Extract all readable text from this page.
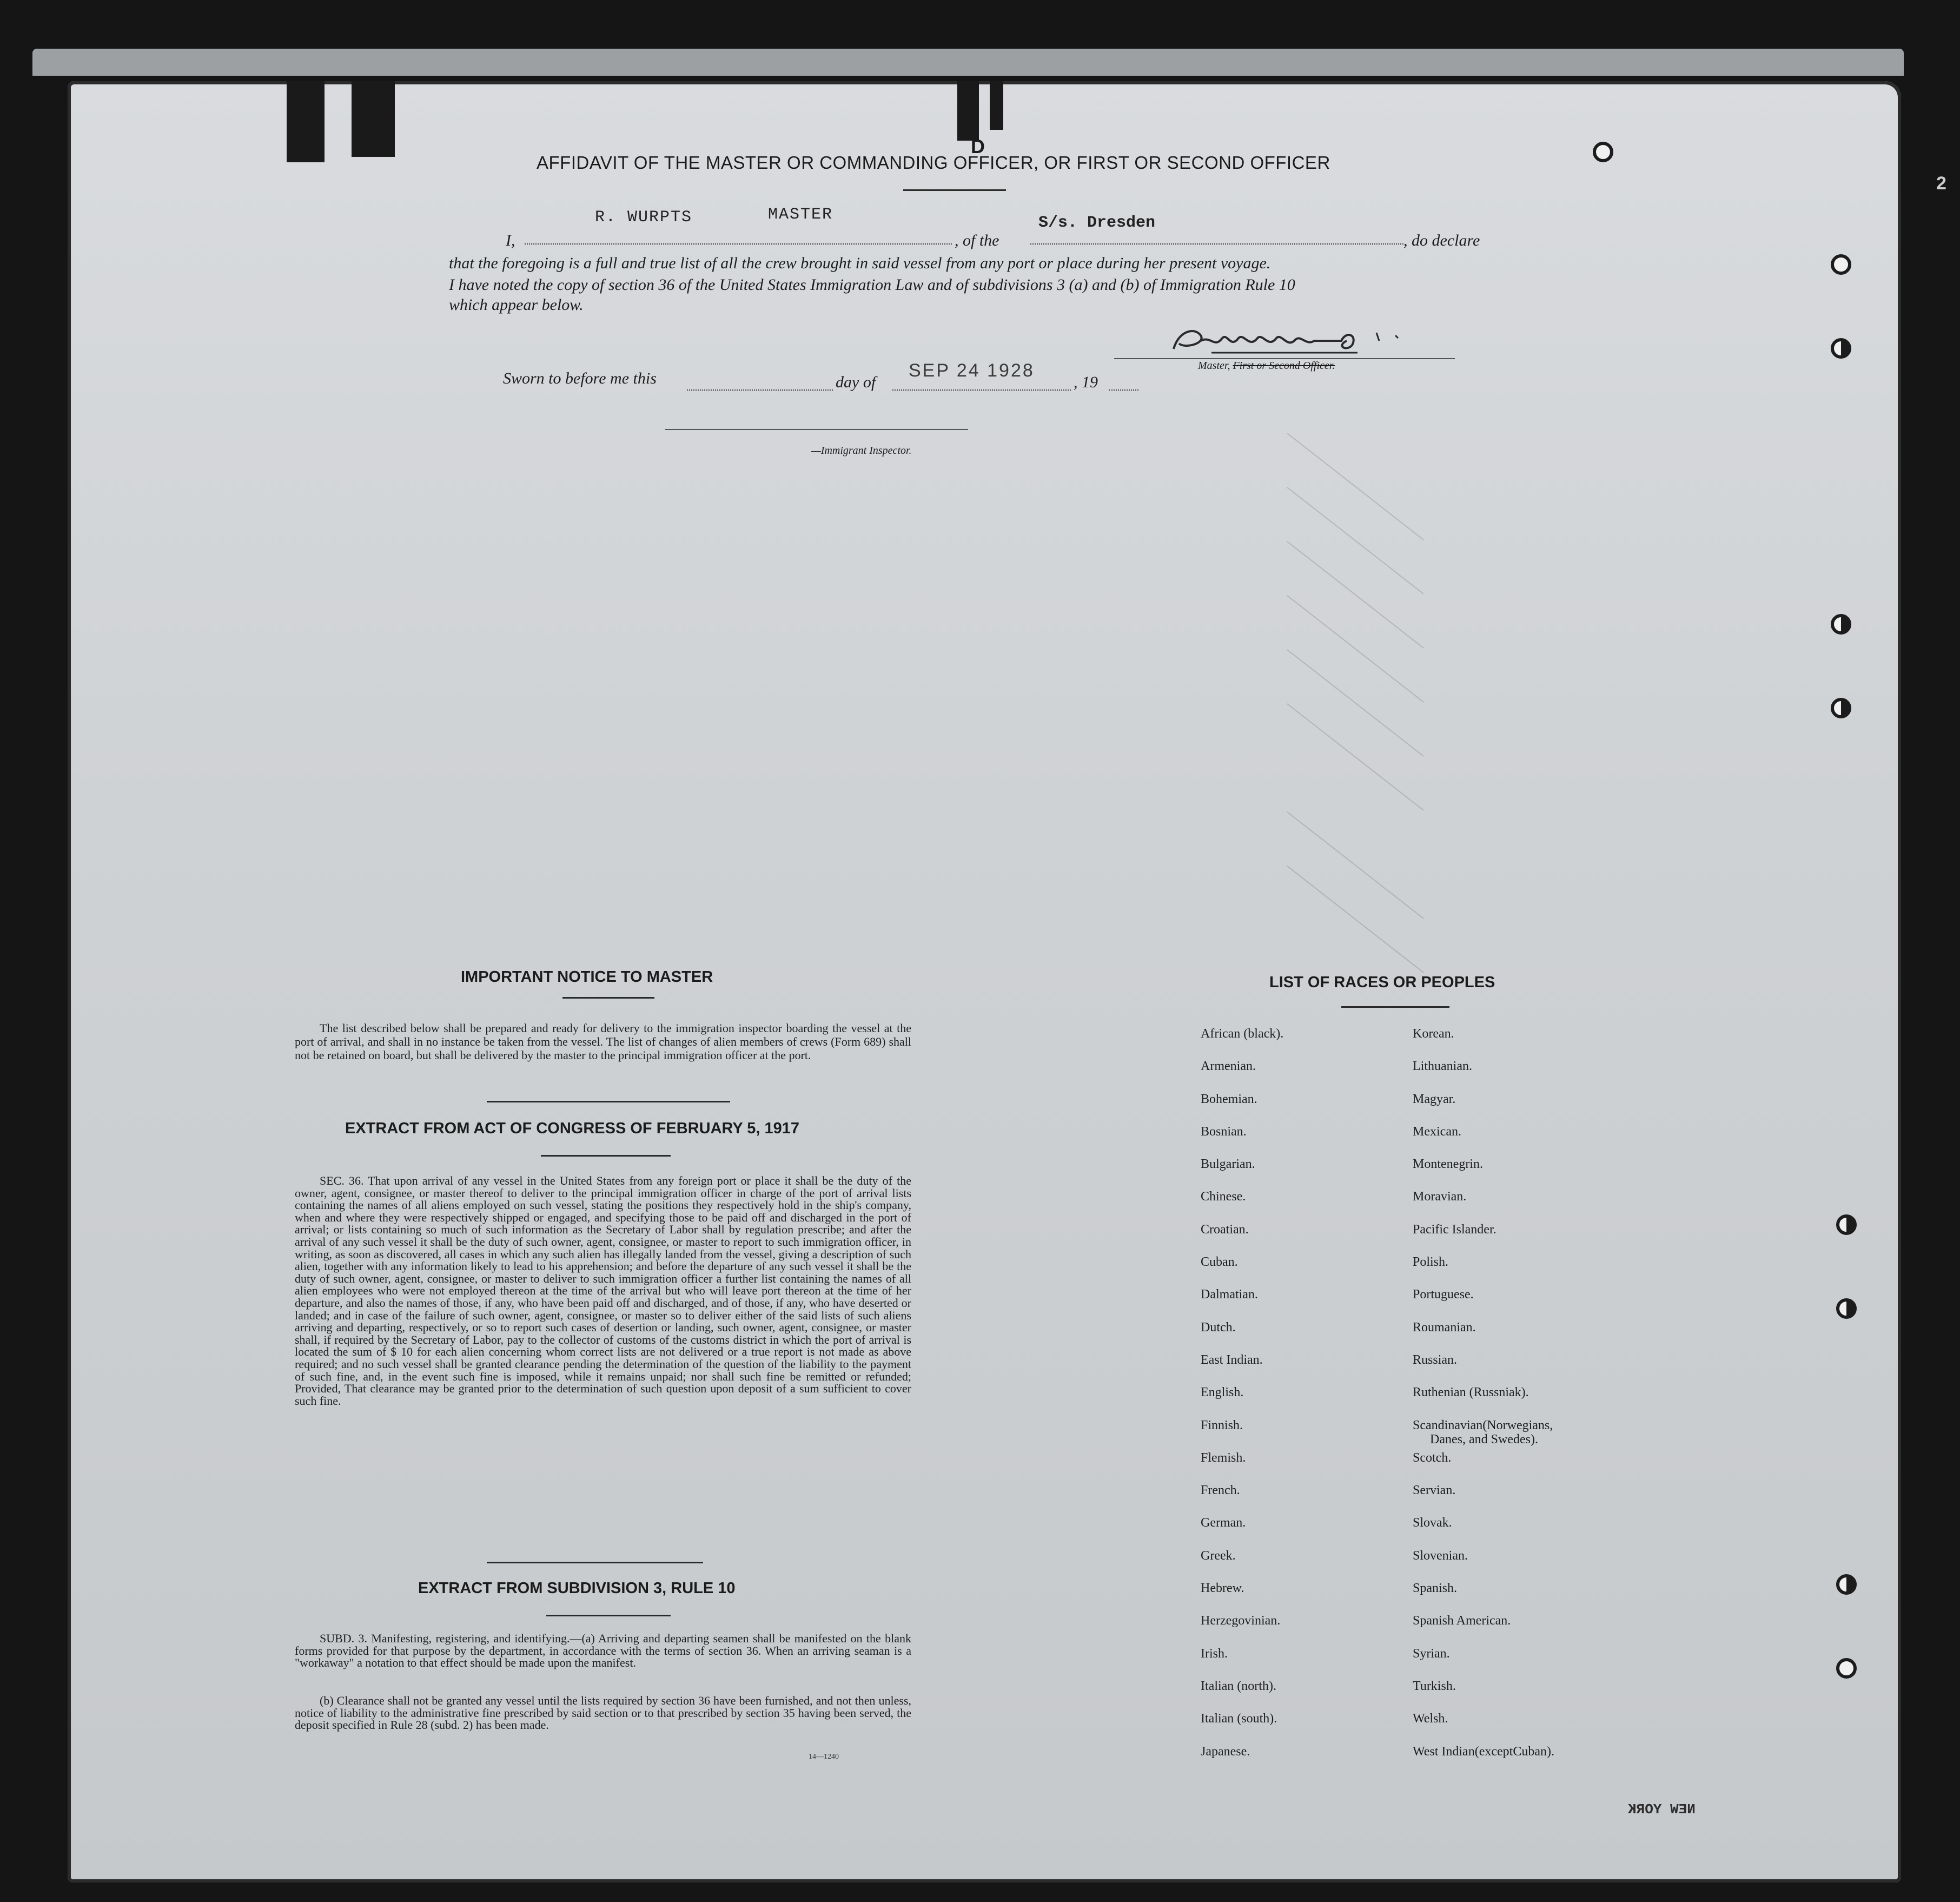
D
2
AFFIDAVIT OF THE MASTER OR COMMANDING OFFICER, OR FIRST OR SECOND OFFICER
I,
R. WURPTS	MASTER
, of the
S/s. Dresden
, do declare
that the foregoing is a full and true list of all the crew brought in said vessel from any port or place during her present voyage.
I have noted the copy of section 36 of the United States Immigration Law and of subdivisions 3 (a) and (b) of Immigration Rule 10
which appear below.
Master, First or Second Officer.
Sworn to before me this	day of
SEP 24 1928
, 19
—Immigrant Inspector.
IMPORTANT NOTICE TO MASTER
The list described below shall be prepared and ready for delivery to the immigration inspector boarding the vessel at the port of arrival, and shall in no instance be taken from the vessel. The list of changes of alien members of crews (Form 689) shall not be retained on board, but shall be delivered by the master to the principal immigration officer at the port.
EXTRACT FROM ACT OF CONGRESS OF FEBRUARY 5, 1917
SEC. 36. That upon arrival of any vessel in the United States from any foreign port or place it shall be the duty of the owner, agent, consignee, or master thereof to deliver to the principal immigration officer in charge of the port of arrival lists containing the names of all aliens employed on such vessel, stating the positions they respectively hold in the ship's company, when and where they were respectively shipped or engaged, and specifying those to be paid off and discharged in the port of arrival; or lists containing so much of such information as the Secretary of Labor shall by regulation prescribe; and after the arrival of any such vessel it shall be the duty of such owner, agent, consignee, or master to report to such immigration officer, in writing, as soon as discovered, all cases in which any such alien has illegally landed from the vessel, giving a description of such alien, together with any information likely to lead to his apprehension; and before the departure of any such vessel it shall be the duty of such owner, agent, consignee, or master to deliver to such immigration officer a further list containing the names of all alien employees who were not employed thereon at the time of the arrival but who will leave port thereon at the time of her departure, and also the names of those, if any, who have been paid off and discharged, and of those, if any, who have deserted or landed; and in case of the failure of such owner, agent, consignee, or master so to deliver either of the said lists of such aliens arriving and departing, respectively, or so to report such cases of desertion or landing, such owner, agent, consignee, or master shall, if required by the Secretary of Labor, pay to the collector of customs of the customs district in which the port of arrival is located the sum of $ 10 for each alien concerning whom correct lists are not delivered or a true report is not made as above required; and no such vessel shall be granted clearance pending the determination of the question of the liability to the payment of such fine, and, in the event such fine is imposed, while it remains unpaid; nor shall such fine be remitted or refunded; Provided, That clearance may be granted prior to the determination of such question upon deposit of a sum sufficient to cover such fine.
EXTRACT FROM SUBDIVISION 3, RULE 10
SUBD. 3. Manifesting, registering, and identifying.—(a) Arriving and departing seamen shall be manifested on the blank forms provided for that purpose by the department, in accordance with the terms of section 36. When an arriving seaman is a "workaway" a notation to that effect should be made upon the manifest.
(b) Clearance shall not be granted any vessel until the lists required by section 36 have been furnished, and not then unless, notice of liability to the administrative fine prescribed by said section or to that prescribed by section 35 having been served, the deposit specified in Rule 28 (subd. 2) has been made.
14—1240
LIST OF RACES OR PEOPLES
African (black).
Armenian.
Bohemian.
Bosnian.
Bulgarian.
Chinese.
Croatian.
Cuban.
Dalmatian.
Dutch.
East Indian.
English.
Finnish.
Flemish.
French.
German.
Greek.
Hebrew.
Herzegovinian.
Irish.
Italian (north).
Italian (south).
Japanese.
Korean.
Lithuanian.
Magyar.
Mexican.
Montenegrin.
Moravian.
Pacific Islander.
Polish.
Portuguese.
Roumanian.
Russian.
Ruthenian (Russniak).
Scandinavian(Norwegians,
Danes, and Swedes).
Scotch.
Servian.
Slovak.
Slovenian.
Spanish.
Spanish American.
Syrian.
Turkish.
Welsh.
West Indian(exceptCuban).
NEW YORK
